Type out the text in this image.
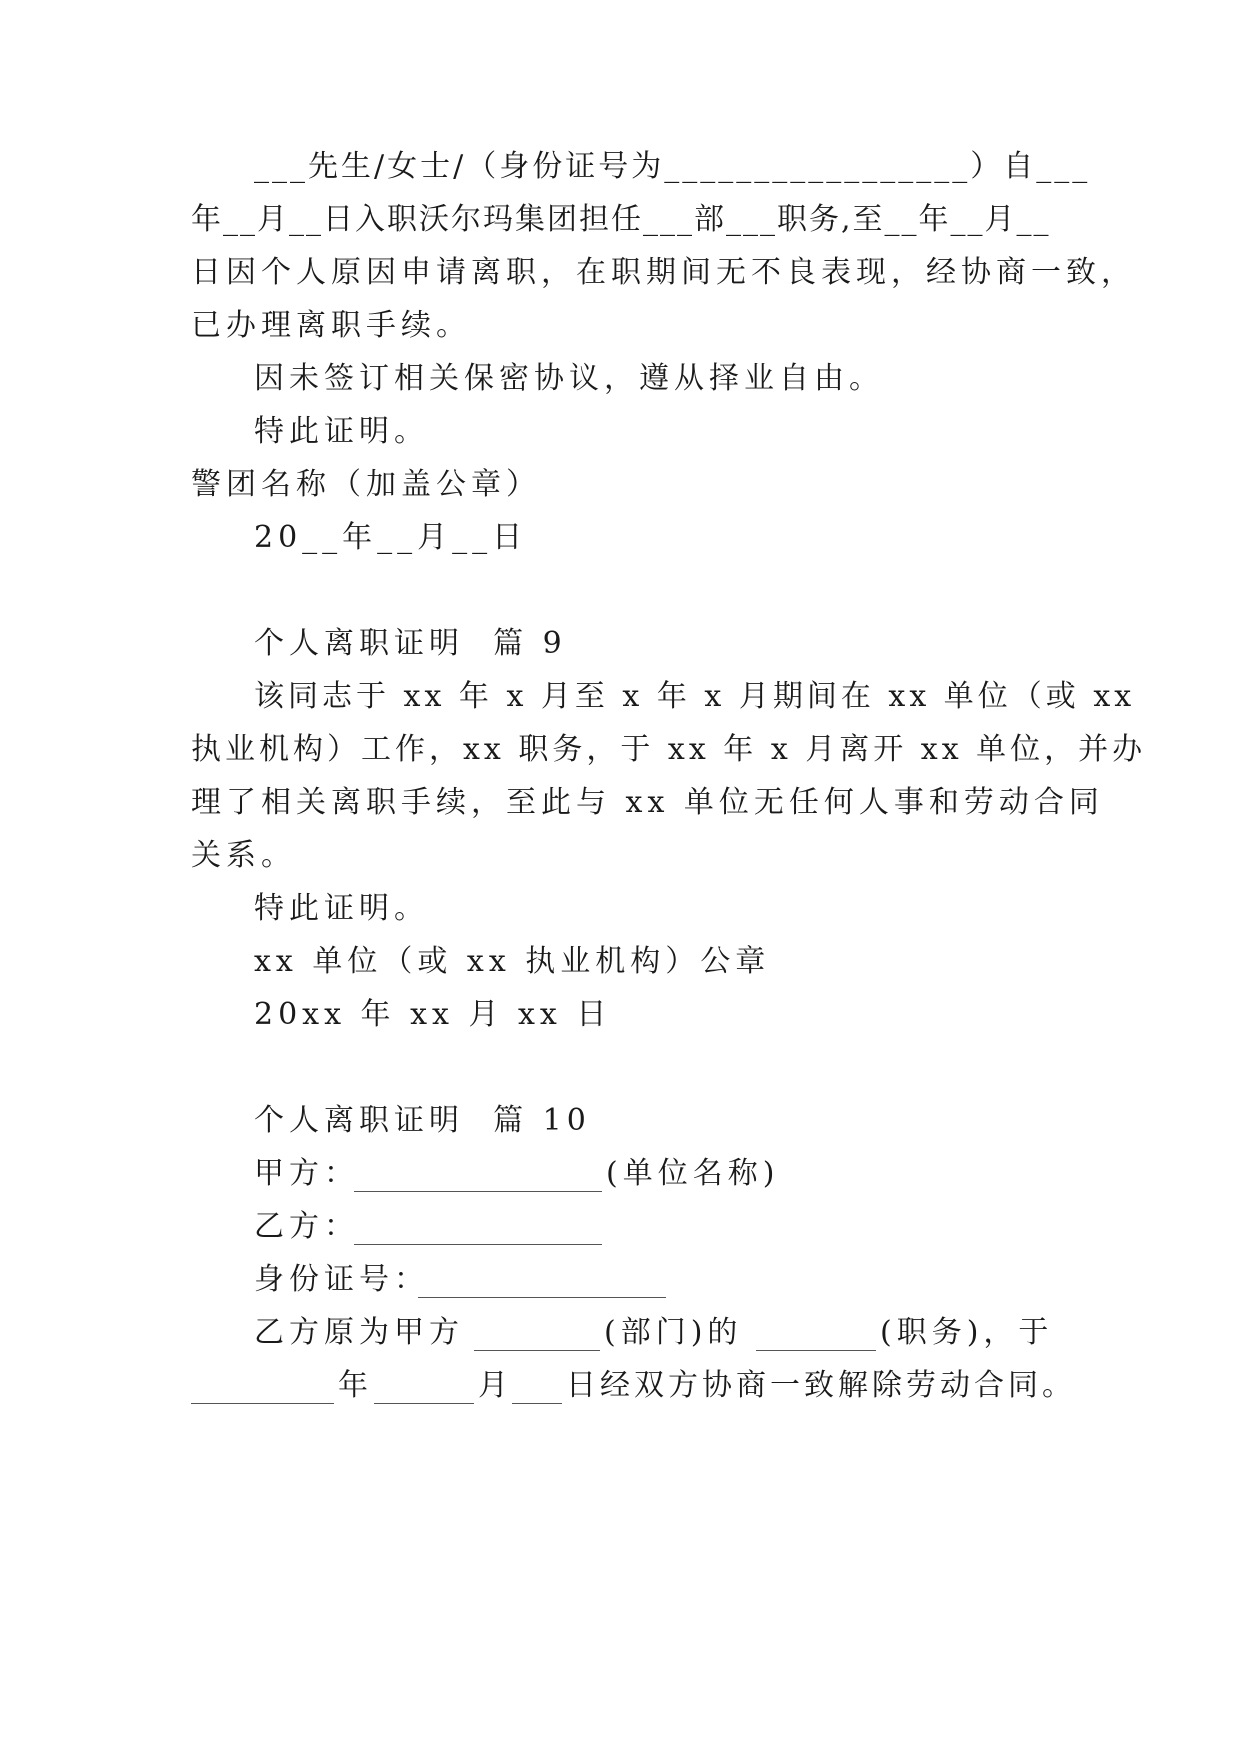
___先生/女士/（身份证号为_________________）自___
年__月__日入职沃尔玛集团担任___部___职务,至__年__月__
日因个人原因申请离职，在职期间无不良表现，经协商一致，
已办理离职手续。
因未签订相关保密协议，遵从择业自由。
特此证明。
警团名称（加盖公章）
20__年__月__日
个人离职证明  篇 9
该同志于 xx 年 x 月至 x 年 x 月期间在 xx 单位（或 xx
执业机构）工作，xx 职务，于 xx 年 x 月离开 xx 单位，并办
理了相关离职手续，至此与 xx 单位无任何人事和劳动合同
关系。
特此证明。
xx 单位（或 xx 执业机构）公章
20xx 年 xx 月 xx 日
个人离职证明  篇 10
甲方：	(单位名称)
乙方：
身份证号：
乙方原为甲方	(部门)的	(职务)，于
年	月 日经双方协商一致解除劳动合同。
